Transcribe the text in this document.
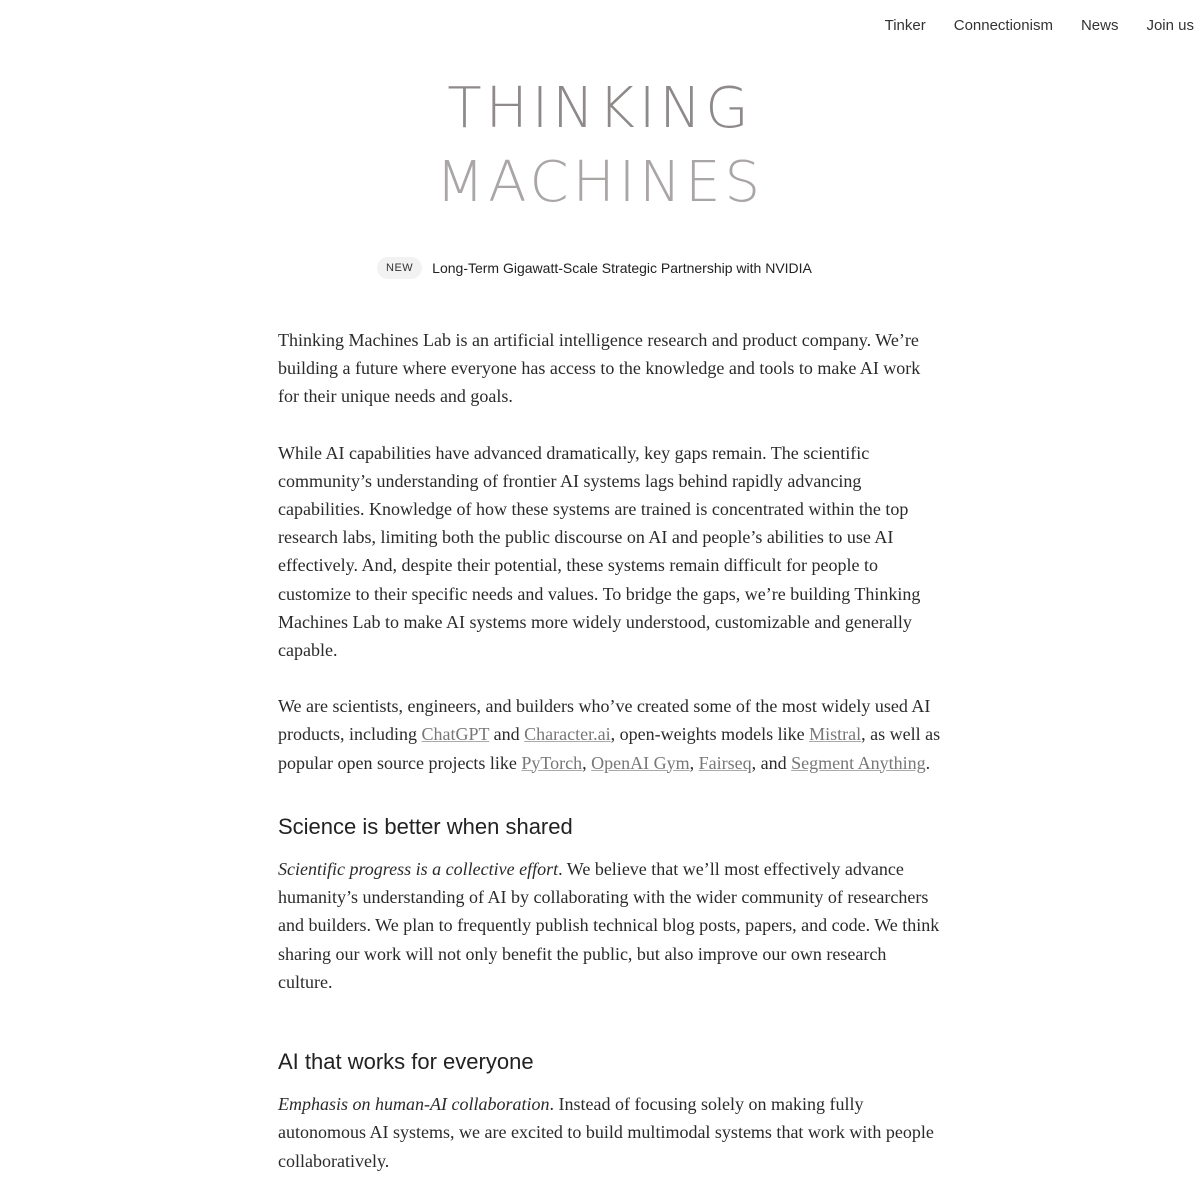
Tinker Connectionism News Join us
THINKING
MACHINES
NEW	Long-Term Gigawatt-Scale Strategic Partnership with NVIDIA

Thinking Machines Lab is an artificial intelligence research and product company. We’re building a future where everyone has access to the knowledge and tools to make AI work for their unique needs and goals.

While AI capabilities have advanced dramatically, key gaps remain. The scientific community’s understanding of frontier AI systems lags behind rapidly advancing capabilities. Knowledge of how these systems are trained is concentrated within the top research labs, limiting both the public discourse on AI and people’s abilities to use AI effectively. And, despite their potential, these systems remain difficult for people to customize to their specific needs and values. To bridge the gaps, we’re building Thinking Machines Lab to make AI systems more widely understood, customizable and generally capable.

We are scientists, engineers, and builders who’ve created some of the most widely used AI products, including ChatGPT and Character.ai, open-weights models like Mistral, as well as popular open source projects like PyTorch, OpenAI Gym, Fairseq, and Segment Anything.

Science is better when shared

Scientific progress is a collective effort. We believe that we’ll most effectively advance humanity’s understanding of AI by collaborating with the wider community of researchers and builders. We plan to frequently publish technical blog posts, papers, and code. We think sharing our work will not only benefit the public, but also improve our own research culture.

AI that works for everyone

Emphasis on human-AI collaboration. Instead of focusing solely on making fully autonomous AI systems, we are excited to build multimodal systems that work with people collaboratively.
